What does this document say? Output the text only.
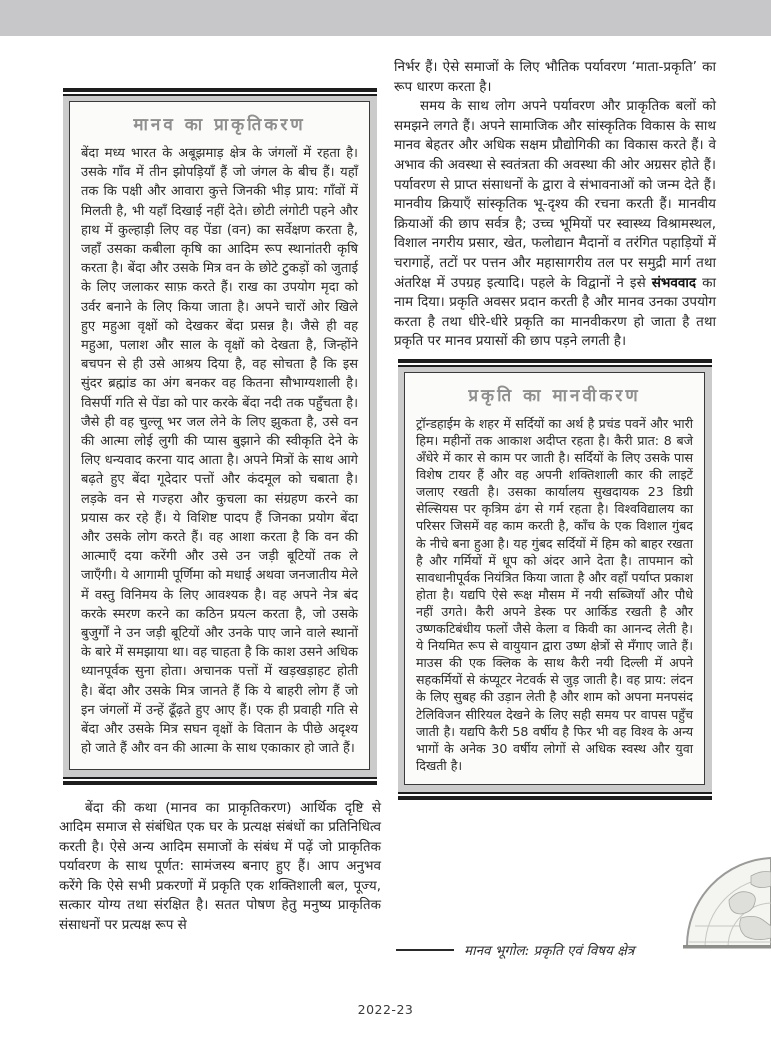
मानव का प्राकृतिकरण

बेंदा मध्य भारत के अबूझमाड़ क्षेत्र के जंगलों में रहता है। उसके गाँव में तीन झोपड़ियाँ हैं जो जंगल के बीच हैं। यहाँ तक कि पक्षी और आवारा कुत्ते जिनकी भीड़ प्राय: गाँवों में मिलती है, भी यहाँ दिखाई नहीं देते। छोटी लंगोटी पहने और हाथ में कुल्हाड़ी लिए वह पेंडा (वन) का सर्वेक्षण करता है, जहाँ उसका कबीला कृषि का आदिम रूप स्थानांतरी कृषि करता है। बेंदा और उसके मित्र वन के छोटे टुकड़ों को जुताई के लिए जलाकर साफ़ करते हैं। राख का उपयोग मृदा को उर्वर बनाने के लिए किया जाता है। अपने चारों ओर खिले हुए महुआ वृक्षों को देखकर बेंदा प्रसन्न है। जैसे ही वह महुआ, पलाश और साल के वृक्षों को देखता है, जिन्होंने बचपन से ही उसे आश्रय दिया है, वह सोचता है कि इस सुंदर ब्रह्मांड का अंग बनकर वह कितना सौभाग्यशाली है। विसर्पी गति से पेंडा को पार करके बेंदा नदी तक पहुँचता है। जैसे ही वह चुल्लू भर जल लेने के लिए झुकता है, उसे वन की आत्मा लोई लुगी की प्यास बुझाने की स्वीकृति देने के लिए धन्यवाद करना याद आता है। अपने मित्रों के साथ आगे बढ़ते हुए बेंदा गूदेदार पत्तों और कंदमूल को चबाता है। लड़के वन से गज्हरा और कुचला का संग्रहण करने का प्रयास कर रहे हैं। ये विशिष्ट पादप हैं जिनका प्रयोग बेंदा और उसके लोग करते हैं। वह आशा करता है कि वन की आत्माएँ दया करेंगी और उसे उन जड़ी बूटियों तक ले जाएँगी। ये आगामी पूर्णिमा को मधाई अथवा जनजातीय मेले में वस्तु विनिमय के लिए आवश्यक है। वह अपने नेत्र बंद करके स्मरण करने का कठिन प्रयत्न करता है, जो उसके बुजुर्गों ने उन जड़ी बूटियों और उनके पाए जाने वाले स्थानों के बारे में समझाया था। वह चाहता है कि काश उसने अधिक ध्यानपूर्वक सुना होता। अचानक पत्तों में खड़खड़ाहट होती है। बेंदा और उसके मित्र जानते हैं कि ये बाहरी लोग हैं जो इन जंगलों में उन्हें ढूँढ़ते हुए आए हैं। एक ही प्रवाही गति से बेंदा और उसके मित्र सघन वृक्षों के वितान के पीछे अदृश्य हो जाते हैं और वन की आत्मा के साथ एकाकार हो जाते हैं।

बेंदा की कथा (मानव का प्राकृतिकरण) आर्थिक दृष्टि से आदिम समाज से संबंधित एक घर के प्रत्यक्ष संबंधों का प्रतिनिधित्व करती है। ऐसे अन्य आदिम समाजों के संबंध में पढ़ें जो प्राकृतिक पर्यावरण के साथ पूर्णत: सामंजस्य बनाए हुए हैं। आप अनुभव करेंगे कि ऐसे सभी प्रकरणों में प्रकृति एक शक्तिशाली बल, पूज्य, सत्कार योग्य तथा संरक्षित है। सतत पोषण हेतु मनुष्य प्राकृतिक संसाधनों पर प्रत्यक्ष रूप से

निर्भर हैं। ऐसे समाजों के लिए भौतिक पर्यावरण ‘माता-प्रकृति’ का रूप धारण करता है।

समय के साथ लोग अपने पर्यावरण और प्राकृतिक बलों को समझने लगते हैं। अपने सामाजिक और सांस्कृतिक विकास के साथ मानव बेहतर और अधिक सक्षम प्रौद्योगिकी का विकास करते हैं। वे अभाव की अवस्था से स्वतंत्रता की अवस्था की ओर अग्रसर होते हैं। पर्यावरण से प्राप्त संसाधनों के द्वारा वे संभावनाओं को जन्म देते हैं। मानवीय क्रियाएँ सांस्कृतिक भू-दृश्य की रचना करती हैं। मानवीय क्रियाओं की छाप सर्वत्र है; उच्च भूमियों पर स्वास्थ्य विश्रामस्थल, विशाल नगरीय प्रसार, खेत, फलोद्यान मैदानों व तरंगित पहाड़ियों में चरागाहें, तटों पर पत्तन और महासागरीय तल पर समुद्री मार्ग तथा अंतरिक्ष में उपग्रह इत्यादि। पहले के विद्वानों ने इसे संभववाद का नाम दिया। प्रकृति अवसर प्रदान करती है और मानव उनका उपयोग करता है तथा धीरे-धीरे प्रकृति का मानवीकरण हो जाता है तथा प्रकृति पर मानव प्रयासों की छाप पड़ने लगती है।

प्रकृति का मानवीकरण

ट्रॉन्डहाईम के शहर में सर्दियों का अर्थ है प्रचंड पवनें और भारी हिम। महीनों तक आकाश अदीप्त रहता है। कैरी प्रात: 8 बजे अँधेरे में कार से काम पर जाती है। सर्दियों के लिए उसके पास विशेष टायर हैं और वह अपनी शक्तिशाली कार की लाइटें जलाए रखती है। उसका कार्यालय सुखदायक 23 डिग्री सेल्सियस पर कृत्रिम ढंग से गर्म रहता है। विश्वविद्यालय का परिसर जिसमें वह काम करती है, काँच के एक विशाल गुंबद के नीचे बना हुआ है। यह गुंबद सर्दियों में हिम को बाहर रखता है और गर्मियों में धूप को अंदर आने देता है। तापमान को सावधानीपूर्वक नियंत्रित किया जाता है और वहाँ पर्याप्त प्रकाश होता है। यद्यपि ऐसे रूक्ष मौसम में नयी सब्जियाँ और पौधे नहीं उगते। कैरी अपने डेस्क पर आर्किड रखती है और उष्णकटिबंधीय फलों जैसे केला व किवी का आनन्द लेती है। ये नियमित रूप से वायुयान द्वारा उष्ण क्षेत्रों से मँगाए जाते हैं। माउस की एक क्लिक के साथ कैरी नयी दिल्ली में अपने सहकर्मियों से कंप्यूटर नेटवर्क से जुड़ जाती है। वह प्राय: लंदन के लिए सुबह की उड़ान लेती है और शाम को अपना मनपसंद टेलिविजन सीरियल देखने के लिए सही समय पर वापस पहुँच जाती है। यद्यपि कैरी 58 वर्षीय है फिर भी वह विश्व के अन्य भागों के अनेक 30 वर्षीय लोगों से अधिक स्वस्थ और युवा दिखती है।

मानव भूगोल: प्रकृति एवं विषय क्षेत्र
2022-23
